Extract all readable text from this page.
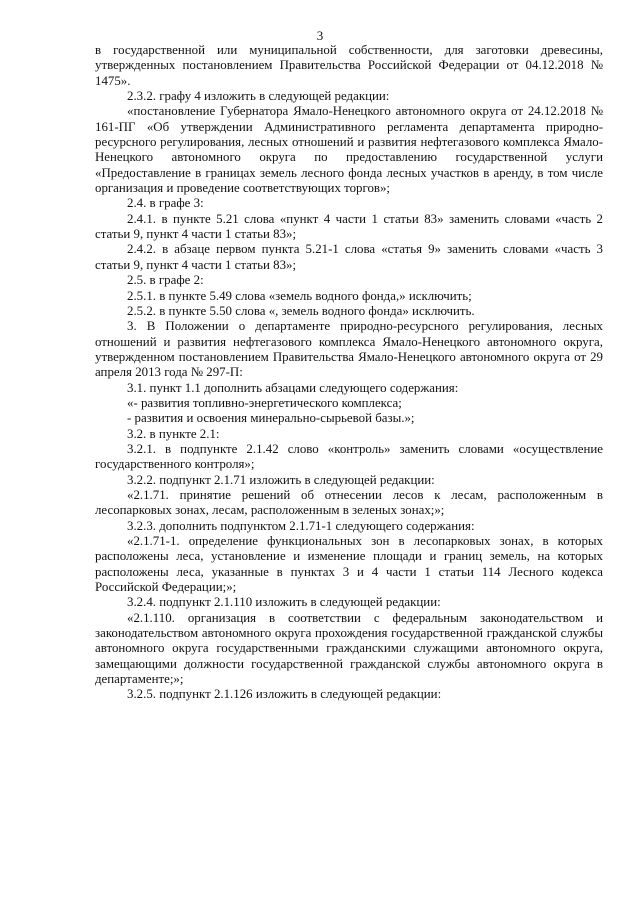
3

в государственной или муниципальной собственности, для заготовки древесины, утвержденных постановлением Правительства Российской Федерации от 04.12.2018 № 1475».

2.3.2. графу 4 изложить в следующей редакции:

«постановление Губернатора Ямало-Ненецкого автономного округа от 24.12.2018 № 161-ПГ «Об утверждении Административного регламента департамента природно-ресурсного регулирования, лесных отношений и развития нефтегазового комплекса Ямало-Ненецкого автономного округа по предоставлению государственной услуги «Предоставление в границах земель лесного фонда лесных участков в аренду, в том числе организация и проведение соответствующих торгов»;

2.4. в графе 3:

2.4.1. в пункте 5.21 слова «пункт 4 части 1 статьи 83» заменить словами «часть 2 статьи 9, пункт 4 части 1 статьи 83»;

2.4.2. в абзаце первом пункта 5.21-1 слова «статья 9» заменить словами «часть 3 статьи 9, пункт 4 части 1 статьи 83»;

2.5. в графе 2:

2.5.1. в пункте 5.49 слова «земель водного фонда,» исключить;

2.5.2. в пункте 5.50 слова «, земель водного фонда» исключить.

3. В Положении о департаменте природно-ресурсного регулирования, лесных отношений и развития нефтегазового комплекса Ямало-Ненецкого автономного округа, утвержденном постановлением Правительства Ямало-Ненецкого автономного округа от 29 апреля 2013 года № 297-П:

3.1. пункт 1.1 дополнить абзацами следующего содержания:

«- развития топливно-энергетического комплекса;

- развития и освоения минерально-сырьевой базы.»;

3.2. в пункте 2.1:

3.2.1. в подпункте 2.1.42 слово «контроль» заменить словами «осуществление государственного контроля»;

3.2.2. подпункт 2.1.71 изложить в следующей редакции:

«2.1.71. принятие решений об отнесении лесов к лесам, расположенным в лесопарковых зонах, лесам, расположенным в зеленых зонах;»;

3.2.3. дополнить подпунктом 2.1.71-1 следующего содержания:

«2.1.71-1. определение функциональных зон в лесопарковых зонах, в которых расположены леса, установление и изменение площади и границ земель, на которых расположены леса, указанные в пунктах 3 и 4 части 1 статьи 114 Лесного кодекса Российской Федерации;»;

3.2.4. подпункт 2.1.110 изложить в следующей редакции:

«2.1.110. организация в соответствии с федеральным законодательством и законодательством автономного округа прохождения государственной гражданской службы автономного округа государственными гражданскими служащими автономного округа, замещающими должности государственной гражданской службы автономного округа в департаменте;»;

3.2.5. подпункт 2.1.126 изложить в следующей редакции:
